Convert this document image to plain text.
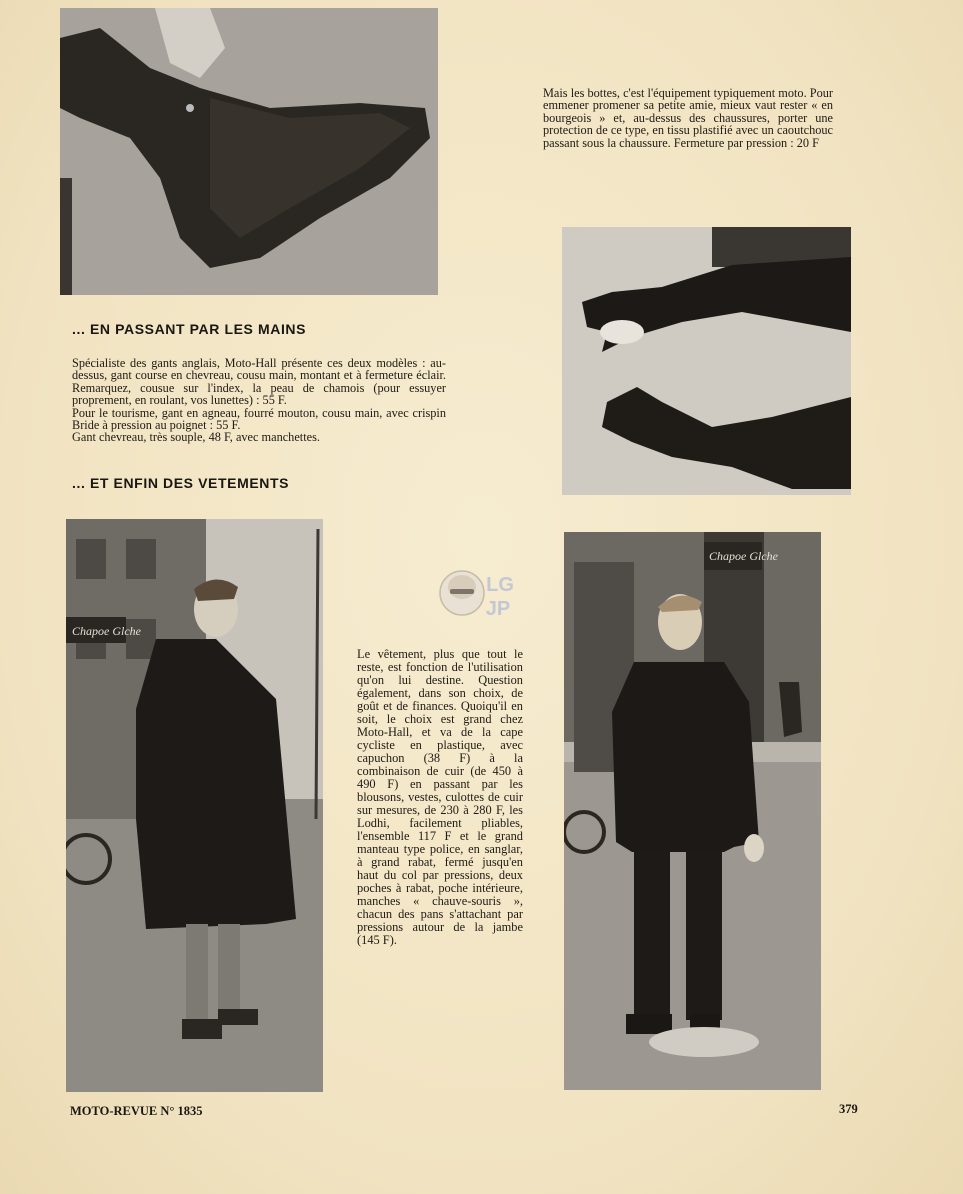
Mais les bottes, c'est l'équipement typiquement moto. Pour emmener promener sa petite amie, mieux vaut rester « en bourgeois » et, au-dessus des chaussures, porter une protection de ce type, en tissu plastifié avec un caoutchouc passant sous la chaussure. Fermeture par pression : 20 F

... EN PASSANT PAR LES MAINS

Spécialiste des gants anglais, Moto-Hall présente ces deux modèles : au-dessus, gant course en chevreau, cousu main, montant et à fermeture éclair. Remarquez, cousue sur l'index, la peau de chamois (pour essuyer proprement, en roulant, vos lunettes) : 55 F.

Pour le tourisme, gant en agneau, fourré mouton, cousu main, avec crispin Bride à pression au poignet : 55 F.

Gant chevreau, très souple, 48 F, avec manchettes.

... ET ENFIN DES VETEMENTS
Chapoe Glche
LG
JP

Le vêtement, plus que tout le reste, est fonction de l'utilisation qu'on lui destine. Question également, dans son choix, de goût et de finances. Quoiqu'il en soit, le choix est grand chez Moto-Hall, et va de la cape cycliste en plastique, avec capuchon (38 F) à la combinaison de cuir (de 450 à 490 F) en passant par les blousons, vestes, culottes de cuir sur mesures, de 230 à 280 F, les Lodhi, facilement pliables, l'ensemble 117 F et le grand manteau type police, en sanglar, à grand rabat, fermé jusqu'en haut du col par pressions, deux poches à rabat, poche intérieure, manches « chauve-souris », chacun des pans s'attachant par pressions autour de la jambe (145 F).

Chapoe Glche
MOTO-REVUE N° 1835	379
